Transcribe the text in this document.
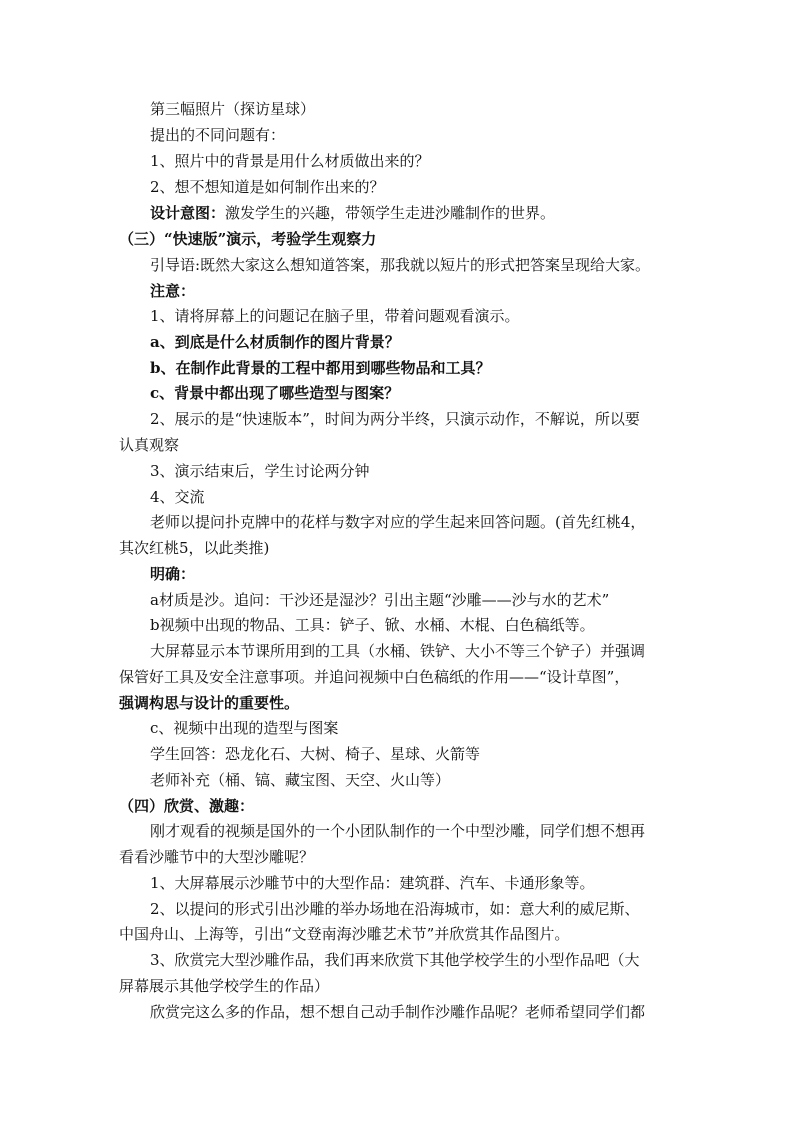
第三幅照片（探访星球）
提出的不同问题有：
1、照片中的背景是用什么材质做出来的？
2、想不想知道是如何制作出来的？
设计意图：激发学生的兴趣，带领学生走进沙雕制作的世界。
（三）“快速版”演示，考验学生观察力
引导语:既然大家这么想知道答案，那我就以短片的形式把答案呈现给大家。
注意：
1、请将屏幕上的问题记在脑子里，带着问题观看演示。
a、到底是什么材质制作的图片背景？
b、在制作此背景的工程中都用到哪些物品和工具？
c、背景中都出现了哪些造型与图案？
2、展示的是“快速版本”，时间为两分半终，只演示动作，不解说，所以要
认真观察
3、演示结束后，学生讨论两分钟
4、交流
老师以提问扑克牌中的花样与数字对应的学生起来回答问题。(首先红桃4，
其次红桃5，以此类推)
明确：
a材质是沙。追问：干沙还是湿沙？引出主题“沙雕——沙与水的艺术”
b视频中出现的物品、工具：铲子、锨、水桶、木棍、白色稿纸等。
大屏幕显示本节课所用到的工具（水桶、铁铲、大小不等三个铲子）并强调
保管好工具及安全注意事项。并追问视频中白色稿纸的作用——“设计草图”，
强调构思与设计的重要性。
c、视频中出现的造型与图案
学生回答：恐龙化石、大树、椅子、星球、火箭等
老师补充（桶、镐、藏宝图、天空、火山等）
（四）欣赏、激趣：
刚才观看的视频是国外的一个小团队制作的一个中型沙雕，同学们想不想再
看看沙雕节中的大型沙雕呢？
1、大屏幕展示沙雕节中的大型作品：建筑群、汽车、卡通形象等。
2、以提问的形式引出沙雕的举办场地在沿海城市，如：意大利的威尼斯、
中国舟山、上海等，引出“文登南海沙雕艺术节”并欣赏其作品图片。
3、欣赏完大型沙雕作品，我们再来欣赏下其他学校学生的小型作品吧（大
屏幕展示其他学校学生的作品）
欣赏完这么多的作品，想不想自己动手制作沙雕作品呢？老师希望同学们都
